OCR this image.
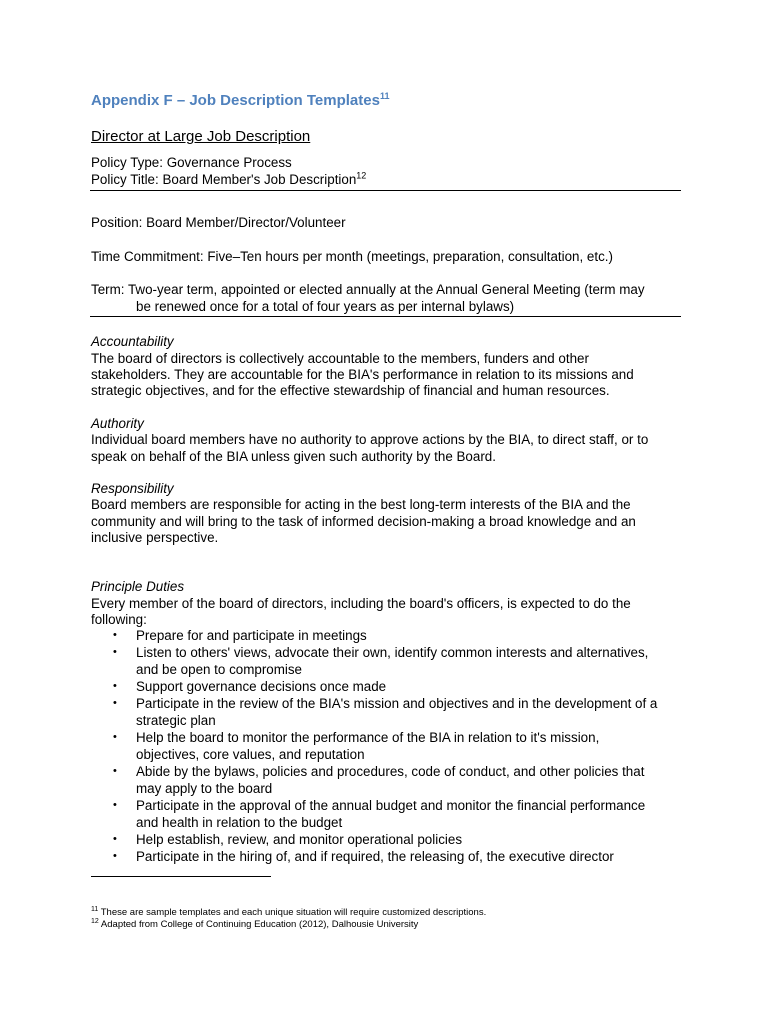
Appendix F – Job Description Templates$^{11}$
Director at Large Job Description
Policy Type: Governance Process
Policy Title: Board Member's Job Description$^{12}$
Position: Board Member/Director/Volunteer
Time Commitment: Five–Ten hours per month (meetings, preparation, consultation, etc.)
Term: Two-year term, appointed or elected annually at the Annual General Meeting (term may
be renewed once for a total of four years as per internal bylaws)
Accountability
The board of directors is collectively accountable to the members, funders and other
stakeholders. They are accountable for the BIA's performance in relation to its missions and
strategic objectives, and for the effective stewardship of financial and human resources.
Authority
Individual board members have no authority to approve actions by the BIA, to direct staff, or to
speak on behalf of the BIA unless given such authority by the Board.
Responsibility
Board members are responsible for acting in the best long-term interests of the BIA and the
community and will bring to the task of informed decision-making a broad knowledge and an
inclusive perspective.
Principle Duties
Every member of the board of directors, including the board's officers, is expected to do the
following:
• Prepare for and participate in meetings
• Listen to others' views, advocate their own, identify common interests and alternatives,
and be open to compromise
• Support governance decisions once made
• Participate in the review of the BIA's mission and objectives and in the development of a
strategic plan
• Help the board to monitor the performance of the BIA in relation to it's mission,
objectives, core values, and reputation
• Abide by the bylaws, policies and procedures, code of conduct, and other policies that
may apply to the board
• Participate in the approval of the annual budget and monitor the financial performance
and health in relation to the budget
• Help establish, review, and monitor operational policies
• Participate in the hiring of, and if required, the releasing of, the executive director
$^{11}$ These are sample templates and each unique situation will require customized descriptions.
$^{12}$ Adapted from College of Continuing Education (2012), Dalhousie University
